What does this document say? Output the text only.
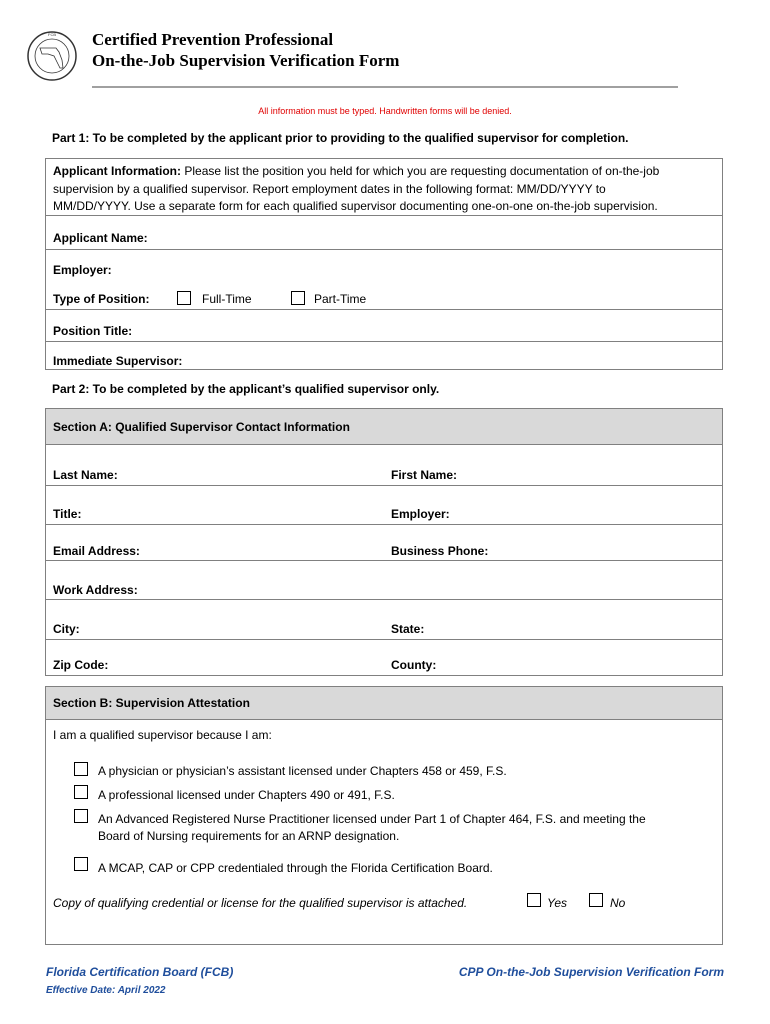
FCB Certified Prevention Professional
On-the-Job Supervision Verification Form
All information must be typed. Handwritten forms will be denied.
Part 1: To be completed by the applicant prior to providing to the qualified supervisor for completion.
Applicant Information: Please list the position you held for which you are requesting documentation of on-the-job
supervision by a qualified supervisor. Report employment dates in the following format: MM/DD/YYYY to
MM/DD/YYYY. Use a separate form for each qualified supervisor documenting one-on-one on-the-job supervision.
Applicant Name:
Employer:
Type of Position:	Full-Time	Part-Time
Position Title:
Immediate Supervisor:
Part 2: To be completed by the applicant’s qualified supervisor only.
Section A: Qualified Supervisor Contact Information
Last Name:	First Name:
Title:	Employer:
Email Address:	Business Phone:
Work Address:
City:	State:
Zip Code:	County:
Section B: Supervision Attestation
I am a qualified supervisor because I am:
A physician or physician’s assistant licensed under Chapters 458 or 459, F.S.
A professional licensed under Chapters 490 or 491, F.S.
An Advanced Registered Nurse Practitioner licensed under Part 1 of Chapter 464, F.S. and meeting the
Board of Nursing requirements for an ARNP designation.
A MCAP, CAP or CPP credentialed through the Florida Certification Board.
Copy of qualifying credential or license for the qualified supervisor is attached.	Yes	No
Florida Certification Board (FCB)
Effective Date: April 2022
CPP On-the-Job Supervision Verification Form
